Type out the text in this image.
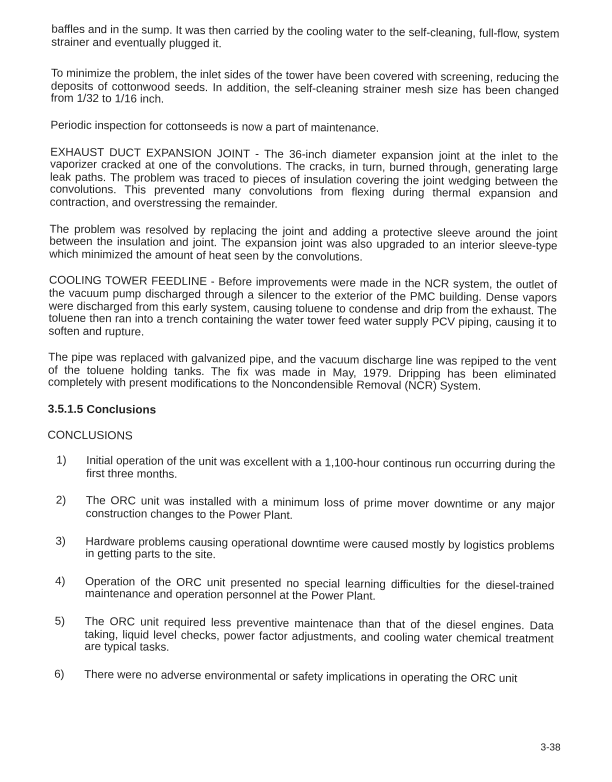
baffles and in the sump. It was then carried by the cooling water to the self-cleaning, full-flow, system strainer and eventually plugged it.

To minimize the problem, the inlet sides of the tower have been covered with screening, reducing the deposits of cottonwood seeds. In addition, the self-cleaning strainer mesh size has been changed from 1/32 to 1/16 inch.

Periodic inspection for cottonseeds is now a part of maintenance.

EXHAUST DUCT EXPANSION JOINT - The 36-inch diameter expansion joint at the inlet to the vaporizer cracked at one of the convolutions. The cracks, in turn, burned through, generating large leak paths. The problem was traced to pieces of insulation covering the joint wedging between the convolutions. This prevented many convolutions from flexing during thermal expansion and contraction, and overstressing the remainder.

The problem was resolved by replacing the joint and adding a protective sleeve around the joint between the insulation and joint. The expansion joint was also upgraded to an interior sleeve-type which minimized the amount of heat seen by the convolutions.

COOLING TOWER FEEDLINE - Before improvements were made in the NCR system, the outlet of the vacuum pump discharged through a silencer to the exterior of the PMC building. Dense vapors were discharged from this early system, causing toluene to condense and drip from the exhaust. The toluene then ran into a trench containing the water tower feed water supply PCV piping, causing it to soften and rupture.

The pipe was replaced with galvanized pipe, and the vacuum discharge line was repiped to the vent of the toluene holding tanks. The fix was made in May, 1979. Dripping has been eliminated completely with present modifications to the Noncondensible Removal (NCR) System.

3.5.1.5 Conclusions

CONCLUSIONS

1)	Initial operation of the unit was excellent with a 1,100-hour continous run occurring during the first three months.

2)	The ORC unit was installed with a minimum loss of prime mover downtime or any major construction changes to the Power Plant.

3)	Hardware problems causing operational downtime were caused mostly by logistics problems in getting parts to the site.

4)	Operation of the ORC unit presented no special learning difficulties for the diesel-trained maintenance and operation personnel at the Power Plant.

5)	The ORC unit required less preventive maintenace than that of the diesel engines. Data taking, liquid level checks, power factor adjustments, and cooling water chemical treatment are typical tasks.

6)	There were no adverse environmental or safety implications in operating the ORC unit

3-38
